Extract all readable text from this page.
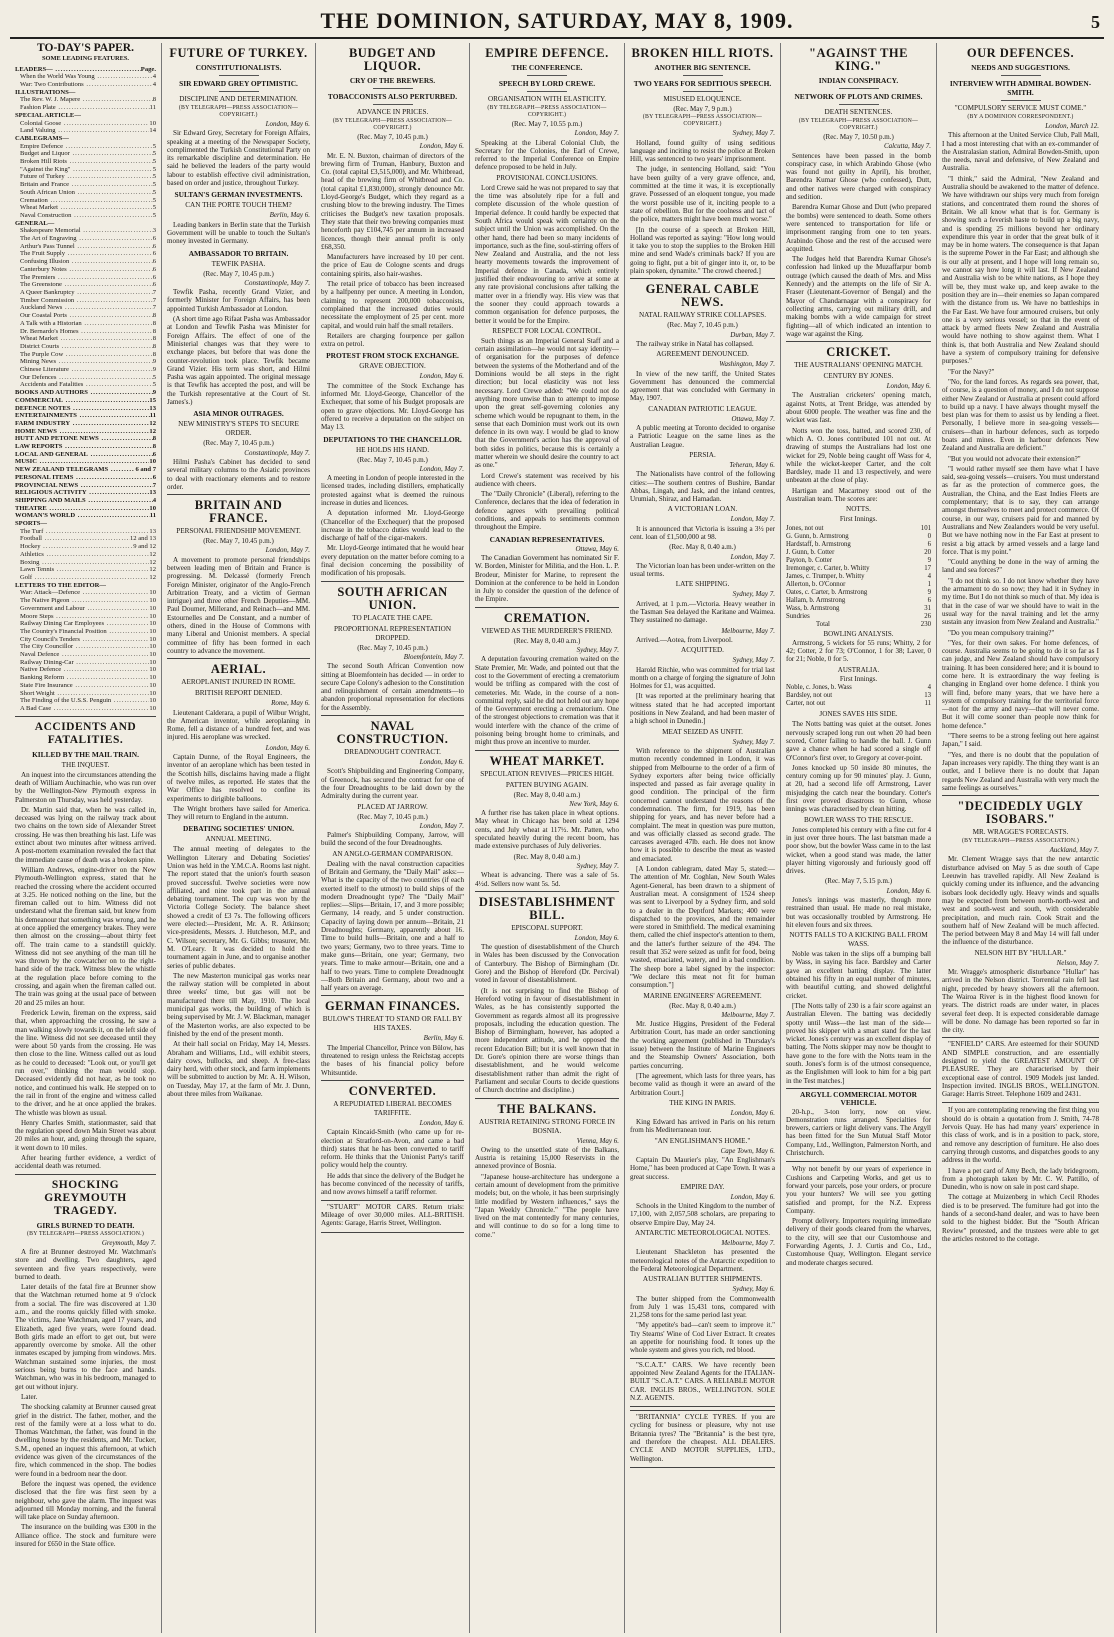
THE DOMINION, SATURDAY, MAY 8, 1909.	5
TO-DAY'S PAPER.
SOME LEADING FEATURES.
LEADERS— .....	Page.
When the World Was Young .....	4
War: Two Contributions .....	4
ILLUSTRATIONS—
The Rev. W. J. Mapere .....	8
Fashion Plate .....	11
SPECIAL ARTICLE—
Colonial Goose .....	10
Land Valuing .....	14
CABLEGRAMS—
Empire Defence .....	5
Budget and Liquor .....	5
Broken Hill Riots .....	5
"Against the King" .....	5
Future of Turkey .....	5
Britain and France .....	5
South African Union .....	5
Cremation .....	5
Wheat Market .....	5
Naval Construction .....	5
GENERAL—
Shakespeare Memorial .....	3
The Art of Engraving .....	6
Arthur's Pass Tunnel .....	6
The Fruit Supply .....	6
Confusing Illusion .....	6
Canterbury Notes .....	6
The Premiers .....	6
The Greenstone .....	6
A Queer Bankruptcy .....	7
Timber Commission .....	7
Auckland News .....	7
Our Coastal Ports .....	8
A Talk with a Historian .....	8
Dr. Bernardo's Homes .....	8
Wheat Market .....	8
District Courts .....	8
The Purple Cow .....	8
Mining News .....	9
Chinese Literature .....	9
Our Defences .....	5
Accidents and Fatalities .....	5
BOOKS AND AUTHORS .....	9
COMMERCIAL .....	15
DEFENCE NOTES .....	13
ENTERTAINMENTS .....	11
FARM INDUSTRY .....	12
HOME NEWS .....	12
HUTT AND PETONE NEWS .....	8
LAW REPORTS .....	8
LOCAL AND GENERAL .....	6
MUSIC .....	10
NEW ZEALAND TELEGRAMS .....	6 and 7
PERSONAL ITEMS .....	6
PROVINCIAL NEWS .....	7
RELIGIOUS ACTIVITY .....	13
SHIPPING AND MAILS .....	4
THEATRE .....	10
WOMAN'S WORLD .....	11
SPORTS—
The Turf .....	13
Football .....	12 and 13
Hockey .....	9 and 12
Athletics .....	12
Boxing .....	12
Lawn Tennis .....	12
Golf .....	12
LETTERS TO THE EDITOR—
War: Attack—Defence .....	10
The Native Pigeon .....	10
Government and Labour .....	10
Moore Steps .....	10
Railway Dining Car Employees .....	10
The Country's Financial Position .....	10
City Council's Tenders .....	10
The City Councillor .....	10
Naval Defence .....	10
Railway Dining-Car .....	10
Native Defence .....	10
Banking Reform .....	10
State Fire Insurance .....	10
Short Weight .....	10
The Finding of the U.S.S. Penguin .....	10
A Bad Case .....	10
ACCIDENTS AND FATALITIES.
KILLED BY THE MAIL TRAIN.
THE INQUEST.

An inquest into the circumstances attending the death of William Auchinachie, who was run over by the Wellington-New Plymouth express in Palmerston on Thursday, was held yesterday.

Dr. Martin said that, when he was called in, deceased was lying on the railway track about two chains on the town side of Alexander Street crossing. He was then breathing his last. Life was extinct about two minutes after witness arrived. A post-mortem examination revealed the fact that the immediate cause of death was a broken spine.

William Andrews, engine-driver on the New Plymouth-Wellington express, stated that he reached the crossing where the accident occurred at 3.25. He noticed nothing on the line, but the fireman called out to him. Witness did not understand what the fireman said, but knew from his demeanour that something was wrong, and he at once applied the emergency brakes. They were then almost on the crossing—about thirty feet off. The train came to a standstill quickly. Witness did not see anything of the man till he was thrown by the cowcatcher on to the right-hand side of the track. Witness blew the whistle at the regulation place before coming to the crossing, and again when the fireman called out. The train was going at the usual pace of between 20 and 25 miles an hour.

Frederick Lewin, fireman on the express, said that, when approaching the crossing, he saw a man walking slowly towards it, on the left side of the line. Witness did not see deceased until they were about 50 yards from the crossing. He was then close to the line. Witness called out as loud as he could to deceased: "Look out, or you'll get run over," thinking the man would stop. Deceased evidently did not hear, as he took no notice, and continued his walk. He stepped on to the rail in front of the engine and witness called to the driver, and he at once applied the brakes. The whistle was blown as usual.

Henry Charles Smith, stationmaster, said that the regulation speed down Main Street was about 20 miles an hour, and, going through the square, it went down to 10 miles.

After hearing further evidence, a verdict of accidental death was returned.

SHOCKING GREYMOUTH TRAGEDY.
GIRLS BURNED TO DEATH.
(BY TELEGRAPH—PRESS ASSOCIATION.)
Greymouth, May 7.

A fire at Brunner destroyed Mr. Watchman's store and dwelling. Two daughters, aged seventeen and five years respectively, were burned to death.

Later details of the fatal fire at Brunner show that the Watchman returned home at 9 o'clock from a social. The fire was discovered at 1.30 a.m., and the rooms quickly filled with smoke. The victims, Jane Watchman, aged 17 years, and Elizabeth, aged five years, were found dead. Both girls made an effort to get out, but were apparently overcome by smoke. All the other inmates escaped by jumping from windows. Mrs. Watchman sustained some injuries, the most serious being burns to the face and hands. Watchman, who was in his bedroom, managed to get out without injury.

Later.

The shocking calamity at Brunner caused great grief in the district. The father, mother, and the rest of the family were at a loss what to do. Thomas Watchman, the father, was found in the dwelling house by the residents, and Mr. Tucker, S.M., opened an inquest this afternoon, at which evidence was given of the circumstances of the fire, which commenced in the shop. The bodies were found in a bedroom near the door.

Before the inquest was opened, the evidence disclosed that the fire was first seen by a neighbour, who gave the alarm. The inquest was adjourned till Monday morning, and the funeral will take place on Sunday afternoon.

The insurance on the building was £300 in the Alliance office. The stock and furniture were insured for £650 in the State office.

FUTURE OF TURKEY.
CONSTITUTIONALISTS.
SIR EDWARD GREY OPTIMISTIC.
DISCIPLINE AND DETERMINATION.
(BY TELEGRAPH—PRESS ASSOCIATION—COPYRIGHT.)
London, May 6.

Sir Edward Grey, Secretary for Foreign Affairs, speaking at a meeting of the Newspaper Society, complimented the Turkish Constitutional Party on its remarkable discipline and determination. He said he believed the leaders of the party would labour to establish effective civil administration, based on order and justice, throughout Turkey.

SULTAN'S GERMAN INVESTMENTS.
CAN THE PORTE TOUCH THEM?
Berlin, May 6.

Leading bankers in Berlin state that the Turkish Government will be unable to touch the Sultan's money invested in Germany.

AMBASSADOR TO BRITAIN.
TEWFIK PASHA.
(Rec. May 7, 10.45 p.m.)
Constantinople, May 7.

Tewfik Pasha, recently Grand Vizier, and formerly Minister for Foreign Affairs, has been appointed Turkish Ambassador at London.

(A short time ago Rifaat Pasha was Ambassador at London and Tewfik Pasha was Minister for Foreign Affairs. The effect of one of the Ministerial changes was that they were to exchange places, but before that was done the counter-revolution took place. Tewfik became Grand Vizier. His term was short, and Hilmi Pasha was again appointed. The original message is that Tewfik has accepted the post, and will be the Turkish representative at the Court of St. James's.)

ASIA MINOR OUTRAGES.
NEW MINISTRY'S STEPS TO SECURE ORDER.
(Rec. May 7, 10.45 p.m.)
Constantinople, May 7.

Hilmi Pasha's Cabinet has decided to send several military columns to the Asiatic provinces to deal with reactionary elements and to restore order.

BRITAIN AND FRANCE.
PERSONAL FRIENDSHIP MOVEMENT.
(Rec. May 7, 10.45 p.m.)
London, May 7.

A movement to promote personal friendships between leading men of Britain and France is progressing. M. Delcassé (formerly French Foreign Minister, originator of the Anglo-French Arbitration Treaty, and a victim of German intrigue) and three other French Deputies—MM. Paul Doumer, Millerand, and Reinach—and MM. Estournelles and De Constant, and a number of others, dined in the House of Commons with many Liberal and Unionist members. A special committee of fifty has been formed in each country to advance the movement.

AERIAL.
AEROPLANIST INJURED IN ROME.
BRITISH REPORT DENIED.
Rome, May 6.

Lieutenant Calderara, a pupil of Wilbur Wright, the American inventor, while aeroplaning in Rome, fell a distance of a hundred feet, and was injured. His aeroplane was wrecked.

London, May 6.

Captain Dunne, of the Royal Engineers, the inventor of an aeroplane which has been tested in the Scottish hills, disclaims having made a flight of twelve miles, as reported. He states that the War Office has resolved to confine its experiments to dirigible balloons.

The Wright brothers have sailed for America. They will return to England in the autumn.

DEBATING SOCIETIES' UNION.
ANNUAL MEETING.

The annual meeting of delegates to the Wellington Literary and Debating Societies' Union was held in the Y.M.C.A. Rooms last night. The report stated that the union's fourth season proved successful. Twelve societies were now affiliated, and nine took part in the annual debating tournament. The cup was won by the Victoria College Society. The balance sheet showed a credit of £3 7s. The following officers were elected:—President, Mr. A. R. Atkinson; vice-presidents, Messrs. J. Hutcheson, M.P., and C. Wilson; secretary, Mr. G. Gibbs; treasurer, Mr. M. O'Leary. It was decided to hold the tournament again in June, and to organise another series of public debates.

The new Masterton municipal gas works near the railway station will be completed in about three weeks' time, but gas will not be manufactured there till May, 1910. The local municipal gas works, the building of which is being supervised by Mr. J. W. Blackman, manager of the Masterton works, are also expected to be finished by the end of the present month.

At their hall social on Friday, May 14, Messrs. Abraham and Williams, Ltd., will exhibit steers, dairy cows, bullocks, and sheep. A free-class dairy herd, with other stock, and farm implements will be submitted to auction by Mr. A. H. Wilson, on Tuesday, May 17, at the farm of Mr. J. Dunn, about three miles from Waikanae.

BUDGET AND LIQUOR.
CRY OF THE BREWERS.
TOBACCONISTS ALSO PERTURBED.
ADVANCE IN PRICES.
(BY TELEGRAPH—PRESS ASSOCIATION—COPYRIGHT.)
(Rec. May 7, 10.45 p.m.)
London, May 6.

Mr. E. N. Buxton, chairman of directors of the brewing firm of Truman, Hanbury, Buxton and Co. (total capital £3,515,000), and Mr. Whitbread, head of the brewing firm of Whitbread and Co. (total capital £1,830,000), strongly denounce Mr. Lloyd-George's Budget, which they regard as a crushing blow to the brewing industry. The Times criticises the Budget's new taxation proposals. They state that their two brewing companies must henceforth pay £104,745 per annum in increased licences, though their annual profit is only £68,350.

Manufacturers have increased by 10 per cent. the price of Eau de Cologne scents and drugs containing spirits, also hair-washes.

The retail price of tobacco has been increased by a halfpenny per ounce. A meeting in London, claiming to represent 200,000 tobacconists, complained that the increased duties would necessitate the employment of 25 per cent. more capital, and would ruin half the small retailers.

Retailers are charging fourpence per gallon extra on petrol.

PROTEST FROM STOCK EXCHANGE.
GRAVE OBJECTION.
London, May 6.

The committee of the Stock Exchange has informed Mr. Lloyd-George, Chancellor of the Exchequer, that some of his Budget proposals are open to grave objections. Mr. Lloyd-George has offered to receive a deputation on the subject on May 13.

DEPUTATIONS TO THE CHANCELLOR.
HE HOLDS HIS HAND.
(Rec. May 7, 10.45 p.m.)
London, May 7.

A meeting in London of people interested in the licensed trades, including distillers, emphatically protested against what is deemed the ruinous increase in duties and licences.

A deputation informed Mr. Lloyd-George (Chancellor of the Exchequer) that the proposed increase in the tobacco duties would lead to the discharge of half of the cigar-makers.

Mr. Lloyd-George intimated that he would hear every deputation on the matter before coming to a final decision concerning the possibility of modification of his proposals.

SOUTH AFRICAN UNION.
TO PLACATE THE CAPE.
PROPORTIONAL REPRESENTATION DROPPED.
(Rec. May 7, 10.45 p.m.)
Bloemfontein, May 7.

The second South African Convention now sitting at Bloemfontein has decided — in order to secure Cape Colony's adhesion to the Constitution and relinquishment of certain amendments—to abandon proportional representation for elections for the Assembly.

NAVAL CONSTRUCTION.
DREADNOUGHT CONTRACT.
London, May 6.

Scott's Shipbuilding and Engineering Company, of Greenock, has secured the contract for one of the four Dreadnoughts to be laid down by the Admiralty during the current year.

PLACED AT JARROW.
(Rec. May 7, 10.45 p.m.)
London, May 7.

Palmer's Shipbuilding Company, Jarrow, will build the second of the four Dreadnoughts.

AN ANGLO-GERMAN COMPARISON.

Dealing with the naval construction capacities of Britain and Germany, the "Daily Mail" asks:—What is the capacity of the two countries (if each exerted itself to the utmost) to build ships of the modern Dreadnought type? The "Daily Mail" replies:—Slips—Britain, 17, and 3 more possible; Germany, 14 ready, and 5 under construction. Capacity of laying down per annum—Britain, 21 Dreadnoughts; Germany, apparently about 16. Time to build hulls—Britain, one and a half to two years; Germany, two to three years. Time to make guns—Britain, one year; Germany, two years. Time to make armour—Britain, one and a half to two years. Time to complete Dreadnought—Both Britain and Germany, about two and a half years on average.

GERMAN FINANCES.
BULOW'S THREAT TO STAND OR FALL BY HIS TAXES.
Berlin, May 6.

The Imperial Chancellor, Prince von Bülow, has threatened to resign unless the Reichstag accepts the bases of his financial policy before Whitsuntide.

CONVERTED.
A REPUDIATED LIBERAL BECOMES TARIFFITE.
London, May 6.

Captain Kincaid-Smith (who came up for re-election at Stratford-on-Avon, and came a bad third) states that he has been converted to tariff reform. He thinks that the Unionist Party's tariff policy would help the country.

He adds that since the delivery of the Budget he has become convinced of the necessity of tariffs, and now avows himself a tariff reformer.

"STUART" MOTOR CARS. Return trials: Mileage of over 30,000 miles. ALL-BRITISH. Agents: Garage, Harris Street, Wellington.

EMPIRE DEFENCE.
THE CONFERENCE.
SPEECH BY LORD CREWE.
ORGANISATION WITH ELASTICITY.
(BY TELEGRAPH—PRESS ASSOCIATION—COPYRIGHT.)
(Rec. May 7, 10.55 p.m.)
London, May 7.

Speaking at the Liberal Colonial Club, the Secretary for the Colonies, the Earl of Crewe, referred to the Imperial Conference on Empire defence proposed to be held in July.

PROVISIONAL CONCLUSIONS.

Lord Crewe said he was not prepared to say that the time was absolutely ripe for a full and complete discussion of the whole question of Imperial defence. It could hardly be expected that South Africa would speak with certainty on the subject until the Union was accomplished. On the other hand, there had been so many incidents of importance, such as the fine, soul-stirring offers of New Zealand and Australia, and the not less hearty movements towards the improvement of Imperial defence in Canada, which entirely justified their endeavouring to arrive at some at any rate provisional conclusions after talking the matter over in a friendly way. His view was that the sooner they could approach towards a common organisation for defence purposes, the better it would be for the Empire.

RESPECT FOR LOCAL CONTROL.

Such things as an Imperial General Staff and a certain assimilation—he would not say identity—of organisation for the purposes of defence between the systems of the Motherland and of the Dominions would be all steps in the right direction; but local elasticity was not less necessary. Lord Crewe added: "We could not do anything more unwise than to attempt to impose upon the great self-governing colonies any scheme which would be repugnant to them, in the sense that each Dominion must work out its own defence in its own way. I would be glad to know that the Government's action has the approval of both sides in politics, because this is certainly a matter wherein we should desire the country to act as one."

Lord Crewe's statement was received by his audience with cheers.

The "Daily Chronicle" (Liberal), referring to the Conference, declares that the idea of federation in defence agrees with prevailing political conditions, and appeals to sentiments common throughout the Empire.

CANADIAN REPRESENTATIVES.
Ottawa, May 6.

The Canadian Government has nominated Sir F. W. Borden, Minister for Militia, and the Hon. L. P. Brodeur, Minister for Marine, to represent the Dominion at the conference to be held in London in July to consider the question of the defence of the Empire.

CREMATION.
VIEWED AS THE MURDERER'S FRIEND.
(Rec. May 8, 0.40 a.m.)
Sydney, May 7.

A deputation favouring cremation waited on the State Premier, Mr. Wade, and pointed out that the cost to the Government of erecting a crematorium would be trifling as compared with the cost of cemeteries. Mr. Wade, in the course of a non-committal reply, said he did not hold out any hope of the Government erecting a crematorium. One of the strongest objections to cremation was that it would interfere with the chance of the crime of poisoning being brought home to criminals, and might thus prove an incentive to murder.

WHEAT MARKET.
SPECULATION REVIVES—PRICES HIGH.
PATTEN BUYING AGAIN.
(Rec. May 8, 0.40 a.m.)
New York, May 6.

A further rise has taken place in wheat options. May wheat in Chicago has been sold at 1294 cents, and July wheat at 117½. Mr. Patten, who speculated heavily during the recent boom, has made extensive purchases of July deliveries.

(Rec. May 8, 0.40 a.m.)
Sydney, May 7.

Wheat is advancing. There was a sale of 5s. 4½d. Sellers now want 5s. 5d.

DISESTABLISHMENT BILL.
EPISCOPAL SUPPORT.
London, May 6.

The question of disestablishment of the Church in Wales has been discussed by the Convocation of Canterbury. The Bishop of Birmingham (Dr. Gore) and the Bishop of Hereford (Dr. Percival) voted in favour of disestablishment.

(It is not surprising to find the Bishop of Hereford voting in favour of disestablishment in Wales, as he has consistently supported the Government as regards almost all its progressive proposals, including the education question. The Bishop of Birmingham, however, has adopted a more independent attitude, and he opposed the recent Education Bill; but it is well known that in Dr. Gore's opinion there are worse things than disestablishment, and he would welcome disestablishment rather than admit the right of Parliament and secular Courts to decide questions of Church doctrine and discipline.)

THE BALKANS.
AUSTRIA RETAINING STRONG FORCE IN BOSNIA.
Vienna, May 6.

Owing to the unsettled state of the Balkans, Austria is retaining 15,000 Reservists in the annexed province of Bosnia.

"Japanese house-architecture has undergone a certain amount of development from the primitive models; but, on the whole, it has been surprisingly little modified by Western influences," says the "Japan Weekly Chronicle." "The people have lived on the mat contentedly for many centuries, and will continue to do so for a long time to come."

BROKEN HILL RIOTS.
ANOTHER BIG SENTENCE.
TWO YEARS FOR SEDITIOUS SPEECH.
MISUSED ELOQUENCE.
(Rec. May 7, 9 p.m.)
(BY TELEGRAPH—PRESS ASSOCIATION—COPYRIGHT.)
Sydney, May 7.

Holland, found guilty of using seditious language and inciting to resist the police at Broken Hill, was sentenced to two years' imprisonment.

The judge, in sentencing Holland, said: "You have been guilty of a very grave offence, and, committed at the time it was, it is exceptionally grave. Possessed of an eloquent tongue, you made the worst possible use of it, inciting people to a state of rebellion. But for the coolness and tact of the police, matters might have been much worse."

[In the course of a speech at Broken Hill, Holland was reported as saying: "How long would it take you to stop the supplies to the Broken Hill mine and send Wade's criminals back? If you are going to fight, put a bit of ginger into it, or, to be plain spoken, dynamite." The crowd cheered.]

GENERAL CABLE NEWS.
NATAL RAILWAY STRIKE COLLAPSES.
(Rec. May 7, 10.45 p.m.)
Durban, May 7.

The railway strike in Natal has collapsed.

AGREEMENT DENOUNCED.
Washington, May 7.

In view of the new tariff, the United States Government has denounced the commercial agreement that was concluded with Germany in May, 1907.

CANADIAN PATRIOTIC LEAGUE.
Ottawa, May 7.

A public meeting at Toronto decided to organise a Patriotic League on the same lines as the Australian League.

PERSIA.
Teheran, May 6.

The Nationalists have control of the following cities:—The southern centres of Bushire, Bandar Abbas, Lingah, and Jask, and the inland centres, Urumiah, Shiraz, and Hamadan.

A VICTORIAN LOAN.
London, May 7.

It is announced that Victoria is issuing a 3½ per cent. loan of £1,500,000 at 98.

(Rec. May 8, 0.40 a.m.)
London, May 7.

The Victorian loan has been under-written on the usual terms.

LATE SHIPPING.
Sydney, May 7.

Arrived, at 1 p.m.—Victoria. Heavy weather in the Tasman Sea delayed the Karitane and Waimea. They sustained no damage.

Melbourne, May 7.

Arrived.—Aotea, from Liverpool.

ACQUITTED.
Sydney, May 7.

Harold Ritchie, who was committed for trial last month on a charge of forging the signature of John Holmes for £1, was acquitted.

[It was reported at the preliminary hearing that witness stated that he had accepted important positions in New Zealand, and had been master of a high school in Dunedin.]

MEAT SEIZED AS UNFIT.
Sydney, May 7.

With reference to the shipment of Australian mutton recently condemned in London, it was shipped from Melbourne to the order of a firm of Sydney exporters after being twice officially inspected and passed as fair average quality in good condition. The principal of the firm concerned cannot understand the reasons of the condemnation. The firm, for 1919, has been shipping for years, and has never before had a complaint. The meat in question was pure mutton, and was officially classed as second grade. The carcases averaged 47lb. each. He does not know how it is possible to describe the meat as wasted and emaciated.

[A London cablegram, dated May 5, stated:—The attention of Mr. Coghlan, New South Wales Agent-General, has been drawn to a shipment of Australian meat. A consignment of 1524 sheep was sent to Liverpool by a Sydney firm, and sold to a dealer in the Deptford Markets; 400 were dispatched to the provinces, and the remainder were stored in Smithfield. The medical examining them, called the chief inspector's attention to them, and the latter's further seizure of the 494. The result that 352 were seized as unfit for food, being wasted, emaciated, watery, and in a bad condition. The sheep bore a label signed by the inspector: "We declare this meat not fit for human consumption."]

MARINE ENGINEERS' AGREEMENT.
(Rec. May 8, 0.40 a.m.)
Melbourne, May 7.

Mr. Justice Higgins, President of the Federal Arbitration Court, has made an order sanctioning the working agreement (published in Thursday's issue) between the Institute of Marine Engineers and the Steamship Owners' Association, both parties concurring.

[The agreement, which lasts for three years, has become valid as though it were an award of the Arbitration Court.]

THE KING IN PARIS.
London, May 6.

King Edward has arrived in Paris on his return from his Mediterranean tour.

"AN ENGLISHMAN'S HOME."
Cape Town, May 6.

Captain Du Maurier's play, "An Englishman's Home," has been produced at Cape Town. It was a great success.

EMPIRE DAY.
London, May 6.

Schools in the United Kingdom to the number of 17,100, with 2,057,508 scholars, are preparing to observe Empire Day, May 24.

ANTARCTIC METEOROLOGICAL NOTES.
Melbourne, May 7.

Lieutenant Shackleton has presented the meteorological notes of the Antarctic expedition to the Federal Meteorological Department.

AUSTRALIAN BUTTER SHIPMENTS.
Sydney, May 6.

The butter shipped from the Commonwealth from July 1 was 15,431 tons, compared with 21,258 tons for the same period last year.

"My appetite's bad—can't seem to improve it." Try Stearns' Wine of Cod Liver Extract. It creates an appetite for nourishing food. It tones up the whole system and gives you rich, red blood.

"S.C.A.T." CARS. We have recently been appointed New Zealand Agents for the ITALIAN-BUILT "S.C.A.T." CARS. A RELIABLE MOTOR CAR. INGLIS BROS., WELLINGTON. SOLE N.Z. AGENTS.

"BRITANNIA" CYCLE TYRES. If you are cycling for business or pleasure, why not use Britannia tyres? The "Britannia" is the best tyre, and therefore the cheapest. ALL DEALERS. CYCLE AND MOTOR SUPPLIES, LTD., Wellington.

"AGAINST THE KING."
INDIAN CONSPIRACY.
NETWORK OF PLOTS AND CRIMES.
DEATH SENTENCES.
(BY TELEGRAPH—PRESS ASSOCIATION—COPYRIGHT.)
(Rec. May 7, 10.50 p.m.)
Calcutta, May 7.

Sentences have been passed in the bomb conspiracy case, in which Arabindo Ghose (who was found not guilty in April), his brother, Barendra Kumar Ghose (who confessed), Dutt, and other natives were charged with conspiracy and sedition.

Barendra Kumar Ghose and Dutt (who prepared the bombs) were sentenced to death. Some others were sentenced to transportation for life or imprisonment ranging from one to ten years. Arabindo Ghose and the rest of the accused were acquitted.

The Judges held that Barendra Kumar Ghose's confession had linked up the Muzaffarpur bomb outrage (which caused the death of Mrs. and Miss Kennedy) and the attempts on the life of Sir A. Fraser (Lieutenant-Governor of Bengal) and the Mayor of Chandarnagar with a conspiracy for collecting arms, carrying out military drill, and making bombs with a wide campaign for street fighting—all of which indicated an intention to wage war against the King.

CRICKET.
THE AUSTRALIANS' OPENING MATCH.
CENTURY BY JONES.
London, May 6.

The Australian cricketers' opening match, against Notts, at Trent Bridge, was attended by about 6000 people. The weather was fine and the wicket was fast.

Notts won the toss, batted, and scored 230, of which A. O. Jones contributed 101 not out. At drawing of stumps the Australians had lost one wicket for 29, Noble being caught off Wass for 4, while the wicket-keeper Carter, and the colt Bardsley, made 11 and 13 respectively, and were unbeaten at the close of play.

Hartigan and Macartney stood out of the Australian team. The scores are:

NOTTS.
First Innings.
Jones, not out	101
G. Gunn, b. Armstrong	0
Hardstaff, b. Armstrong	6
J. Gunn, b. Cotter	20
Payton, b. Cotter	9
Iremonger, c. Carter, b. Whitty	17
James, c. Trumper, b. Whitty	4
Allerton, b. O'Connor	1
Oates, c. Carter, b. Armstrong	9
Hallam, b. Armstrong	6
Wass, b. Armstrong	31
Sundries	26
Total	230
BOWLING ANALYSIS.

Armstrong, 5 wickets for 55 runs; Whitty, 2 for 42; Cotter, 2 for 73; O'Connor, 1 for 38; Laver, 0 for 21; Noble, 0 for 5.

AUSTRALIA.
First Innings.
Noble, c. Jones, b. Wass	4
Bardsley, not out	13
Carter, not out	11
JONES SAVES HIS SIDE.

The Notts batting was quiet at the outset. Jones nervously scraped long run out when 20 had been scored, Cotter failing to handle the ball. J. Gunn gave a chance when he had scored a single off O'Connor's first over, to Gregory at cover-point.

Jones knocked up 50 inside 80 minutes, the century coming up for 90 minutes' play. J. Gunn, at 20, had a second life off Armstrong, Laver misjudging the catch near the boundary. Cotter's first over proved disastrous to Gunn, whose innings was characterised by clean hitting.

BOWLER WASS TO THE RESCUE.

Jones completed his century with a fine cut for 4 in just over three hours. The last batsman made a poor show, but the bowler Wass came in to the last wicket, when a good stand was made, the latter player hitting vigorously and furiously good off drives.

(Rec. May 7, 5.15 p.m.)
London, May 6.

Jones's innings was masterly, though more restrained than usual. He made no real mistake, but was occasionally troubled by Armstrong. He hit eleven fours and six threes.

NOTTS FALLS TO A KICKING BALL FROM WASS.

Noble was taken in the slips off a bumping ball by Wass, in saying his face. Bardsley and Carter gave an excellent batting display. The latter obtained his fifty in an equal number of minutes, with beautiful cutting, and showed delightful cricket.

[The Notts tally of 230 is a fair score against an Australian Eleven. The batting was decidedly spotty until Wass—the last man of the side—proved his skipper with a smart stand for the last wicket. Jones's century was an excellent display of batting. The Notts skipper may now be thought to have gone to the fore with the Notts team in the south. Jones's form is of the utmost consequence, as the Englishmen will look to him for a big part in the Test matches.]

ARGYLL COMMERCIAL MOTOR VEHICLE.

20-h.p., 3-ton lorry, now on view. Demonstration runs arranged. Specialties for brewers, carriers or light delivery vans. The Argyll has been fitted for the Sun Mutual Staff Motor Company, Ltd., Wellington, Palmerston North, and Christchurch.

Why not benefit by our years of experience in Cushions and Carpeting Works, and get us to forward your parcels, pose your orders, or procure you your hunters? We will see you getting satisfied and prompt, for the N.Z. Express Company.

Prompt delivery. Importers requiring immediate delivery of their goods cleared from the wharves, to the city, will see that our Customhouse and Forwarding Agents, J. J. Curtis and Co., Ltd., Customhouse Quay, Wellington. Elegant service and moderate charges secured.

OUR DEFENCES.
NEEDS AND SUGGESTIONS.
INTERVIEW WITH ADMIRAL BOWDEN-SMITH.
"COMPULSORY SERVICE MUST COME."
(BY A DOMINION CORRESPONDENT.)
London, March 12.

This afternoon at the United Service Club, Pall Mall, I had a most interesting chat with an ex-commander of the Australasian station, Admiral Bowden-Smith, upon the needs, naval and defensive, of New Zealand and Australia.

"I think," said the Admiral, "New Zealand and Australia should be awakened to the matter of defence. We have withdrawn our ships very much from foreign stations, and concentrated them round the shores of Britain. We all know what that is for. Germany is showing such a feverish haste to build up a big navy, and is spending 25 millions beyond her ordinary expenditure this year in order that the great bulk of it may be in home waters. The consequence is that Japan is the supreme Power in the Far East; and although she is our ally at present, and I hope will long remain so, we cannot say how long it will last. If New Zealand and Australia wish to be white nations, as I hope they will be, they must wake up, and keep awake to the position they are in—their enemies so Japan compared with the distance from us. We have no battleships in the Far East. We have four armoured cruisers, but only one is a very serious vessel; so that in the event of attack by armed fleets New Zealand and Australia would have nothing to show against them. What I think is, that both Australia and New Zealand should have a system of compulsory training for defensive purposes."

"For the Navy?"

"No, for the land forces. As regards sea power, that, of course, is a question of money, and I do not suppose either New Zealand or Australia at present could afford to build up a navy. I have always thought myself the best plan was for them to assist us by lending a fleet. Personally, I believe more in sea-going vessels—cruisers—than in harbour defences, such as torpedo boats and mines. Even in harbour defences New Zealand and Australia are deficient."

"But you would not advocate their extension?"

"I would rather myself see them have what I have said, sea-going vessels—cruisers. You must understand as far as the protection of commerce goes, the Australian, the China, and the East Indies Fleets are complementary; that is to say, they can arrange amongst themselves to meet and protect commerce. Of course, in our way, cruisers paid for and manned by Australians and New Zealanders would be very useful. But we have nothing now in the Far East at present to resist a big attack by armed vessels and a large land force. That is my point."

"Could anything be done in the way of arming the land and sea forces?"

"I do not think so. I do not know whether they have the armament to do so now; they had it in Sydney in my time. But I do not think so much of that. My idea is that in the case of war we should have to wait in the usual way for the naval training and let the army sustain any invasion from New Zealand and Australia."

"Do you mean compulsory training?"

"Yes, for their own sakes. For home defences, of course. Australia seems to be going to do it so far as I can judge, and New Zealand should have compulsory training. It has been considered here; and it is bound to come here. It is extraordinary the way feeling is changing in England over home defence. I think you will find, before many years, that we have here a system of compulsory training for the territorial force—not for the army and navy—that will never come. But it will come sooner than people now think for home defence."

"There seems to be a strong feeling out here against Japan," I said.

"Yes, and there is no doubt that the population of Japan increases very rapidly. The thing they want is an outlet, and I believe there is no doubt that Japan regards New Zealand and Australia with very much the same feelings as ourselves."

"DECIDEDLY UGLY ISOBARS."
MR. WRAGGE'S FORECASTS.
(BY TELEGRAPH—PRESS ASSOCIATION.)
Auckland, May 7.

Mr. Clement Wragge says that the new antarctic disturbance advised on May 5 as due south of Cape Leeuwin has travelled rapidly. All New Zealand is quickly coming under its influence, and the advancing isobars look decidedly ugly. Heavy winds and squalls may be expected from between north-north-west and west and south-west and south, with considerable precipitation, and much rain. Cook Strait and the southern half of New Zealand will be much affected. The period between May 8 and May 14 will fall under the influence of the disturbance.

NELSON HIT BY "HULLAR."
Nelson, May 7.

Mr. Wragge's atmospheric disturbance "Hullar" has arrived in the Nelson district. Torrential rain fell last night, preceded by heavy showers all the afternoon. The Wairoa River is in the highest flood known for years. The district roads are under water, in places several feet deep. It is expected considerable damage will be done. No damage has been reported so far in the city.

"ENFIELD" CARS. Are esteemed for their SOUND AND SIMPLE construction, and are essentially designed to yield the GREATEST AMOUNT OF PLEASURE. They are characterised by their exceptional ease of control. 1909 Models just landed. Inspection invited. INGLIS BROS., WELLINGTON. Garage: Harris Street. Telephone 1609 and 2431.

If you are contemplating renewing the first thing you should do is obtain a quotation from J. Smith, 74-78 Jervois Quay. He has had many years' experience in this class of work, and is in a position to pack, store, and remove any description of furniture. He also does carrying through customs, and dispatches goods to any address in the world.

I have a pet card of Amy Bech, the lady bridegroom, from a photograph taken by Mr. C. W. Pattillo, of Dunedin, who is now on sale in post card shape.

The cottage at Muizenberg in which Cecil Rhodes died is to be preserved. The furniture had got into the hands of a second-hand dealer, and was to have been sold to the highest bidder. But the "South African Review" protested, and the trustees were able to get the articles restored to the cottage.
